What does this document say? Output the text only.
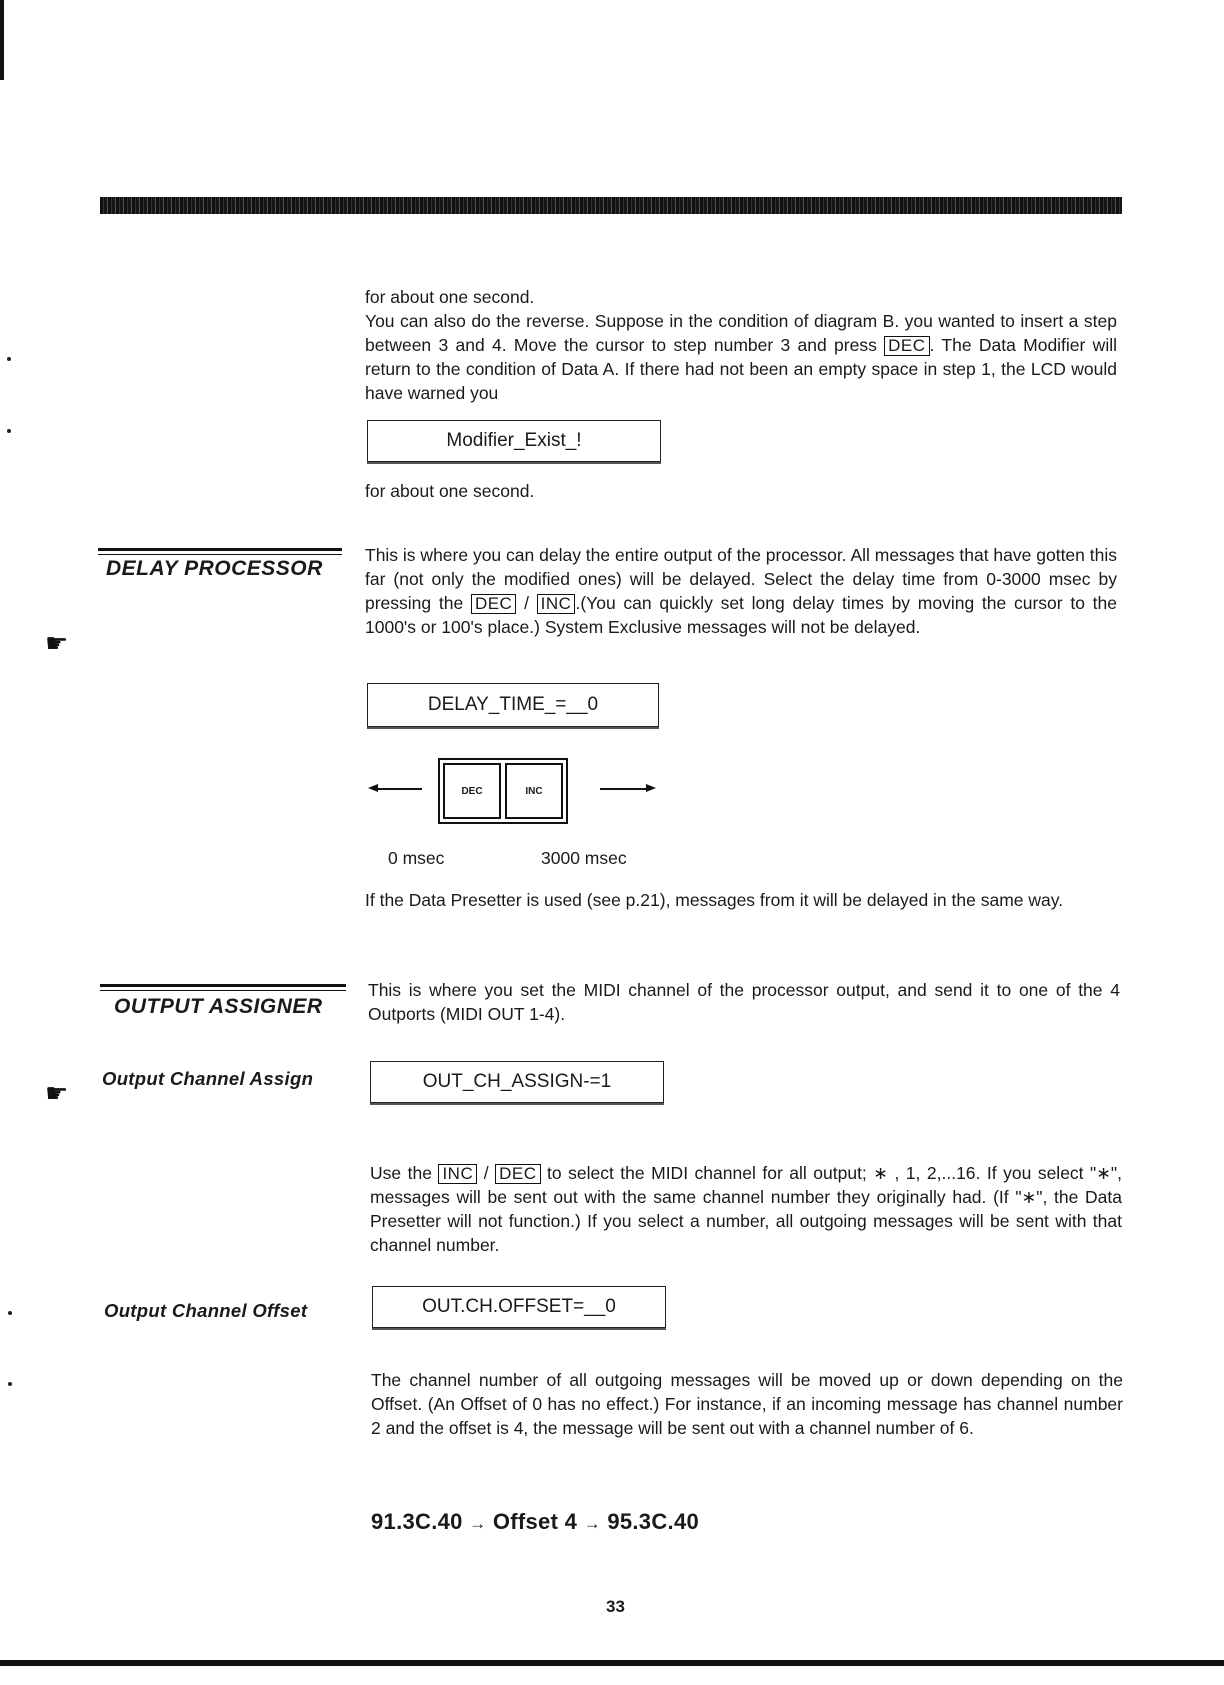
for about one second.

You can also do the reverse. Suppose in the condition of diagram B. you wanted to insert a step between 3 and 4. Move the cursor to step number 3 and press DEC . The Data Modifier will return to the condition of Data A. If there had not been an empty space in step 1, the LCD would have warned you

Modifier_Exist_!

for about one second.

DELAY PROCESSOR
☛

This is where you can delay the entire output of the processor. All messages that have gotten this far (not only the modified ones) will be delayed. Select the delay time from 0-3000 msec by pressing the DEC / INC .(You can quickly set long delay times by moving the cursor to the 1000's or 100's place.) System Exclusive messages will not be delayed.

DELAY_TIME_=__0
DEC	INC
0 msec	3000 msec

If the Data Presetter is used (see p.21), messages from it will be delayed in the same way.

OUTPUT ASSIGNER

This is where you set the MIDI channel of the processor output, and send it to one of the 4 Outports (MIDI OUT 1-4).

☛ Output Channel Assign	OUT_CH_ASSIGN-=1

Use the INC / DEC to select the MIDI channel for all output; ∗ , 1, 2,...16. If you select "∗", messages will be sent out with the same channel number they originally had. (If "∗", the Data Presetter will not function.) If you select a number, all outgoing messages will be sent with that channel number.

Output Channel Offset	OUT.CH.OFFSET=__0

The channel number of all outgoing messages will be moved up or down depending on the Offset. (An Offset of 0 has no effect.) For instance, if an incoming message has channel number 2 and the offset is 4, the message will be sent out with a channel number of 6.

91.3C.40 → Offset 4 → 95.3C.40
33
